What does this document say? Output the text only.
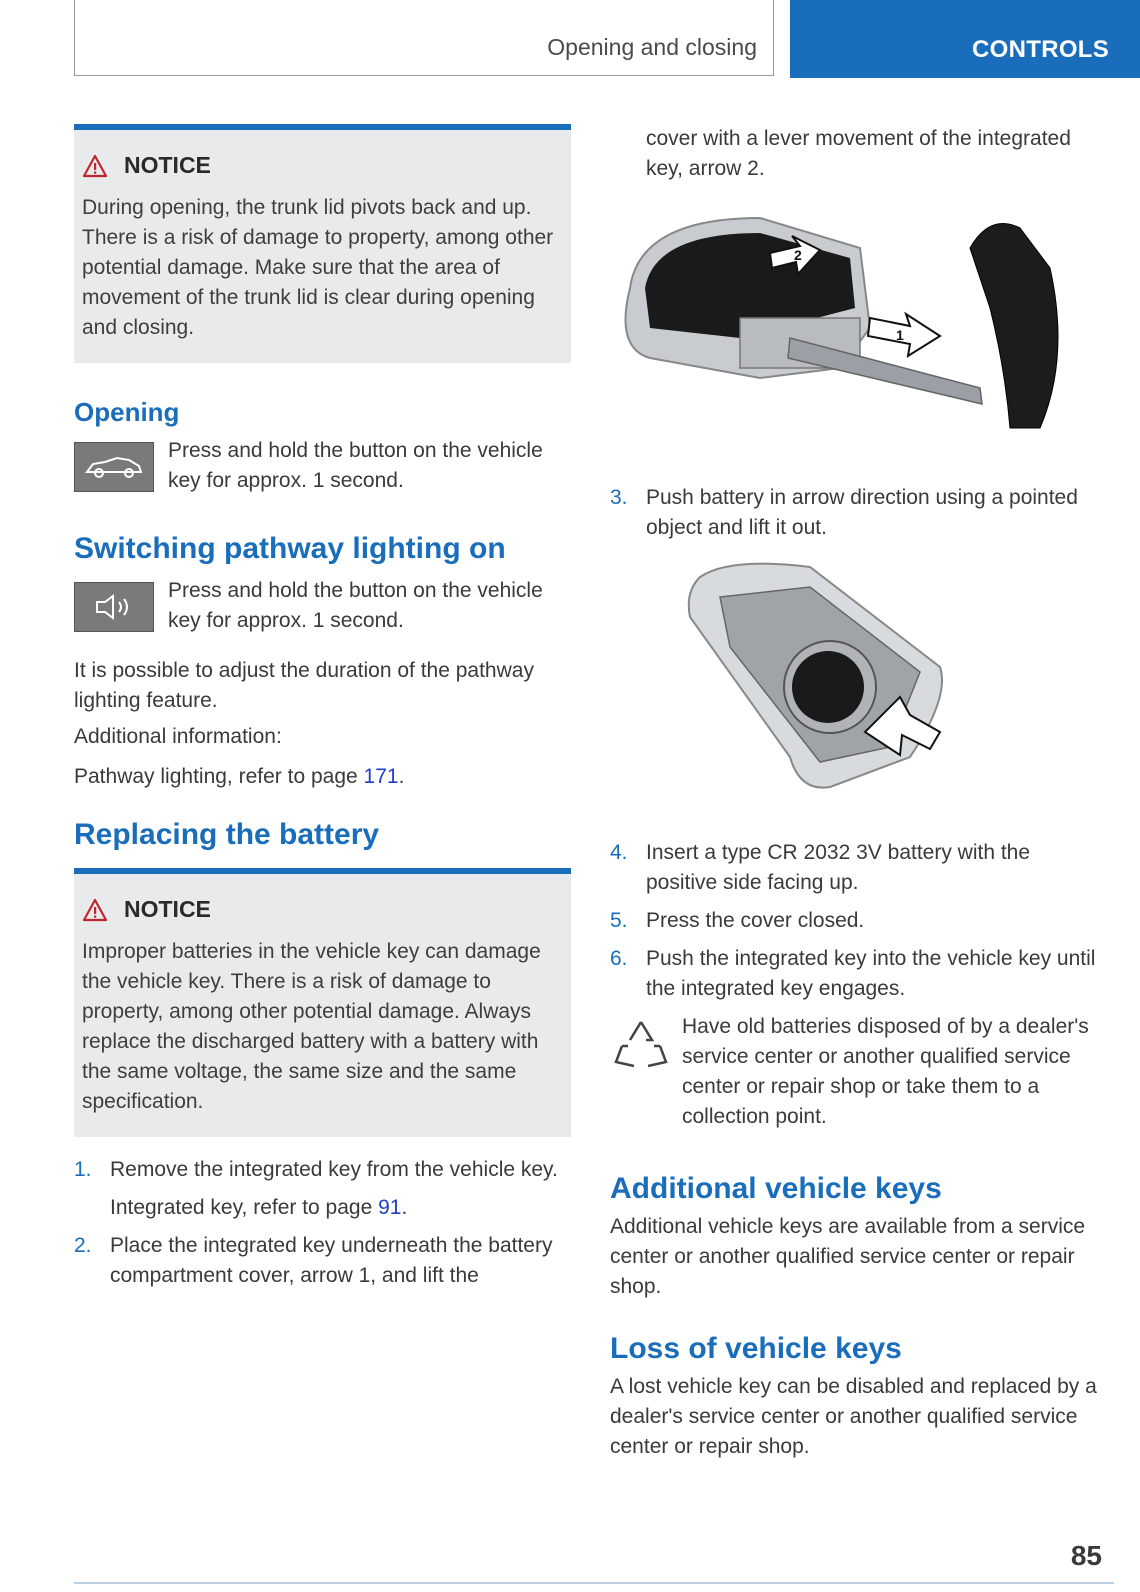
Opening and closing	CONTROLS
NOTICE

During opening, the trunk lid pivots back and up. There is a risk of damage to property, among other potential damage. Make sure that the area of movement of the trunk lid is clear during opening and closing.

Opening

Press and hold the button on the vehicle key for approx. 1 second.

Switching pathway lighting on

Press and hold the button on the vehicle key for approx. 1 second.

It is possible to adjust the duration of the pathway lighting feature.

Additional information:

Pathway lighting, refer to page 171.

Replacing the battery
NOTICE

Improper batteries in the vehicle key can damage the vehicle key. There is a risk of damage to property, among other potential damage. Always replace the discharged battery with a battery with the same voltage, the same size and the same specification.

1. Remove the integrated key from the vehicle key.
Integrated key, refer to page 91.
2. Place the integrated key underneath the battery compartment cover, arrow 1, and lift the

cover with a lever movement of the integrated key, arrow 2.

2
1
3. Push battery in arrow direction using a pointed object and lift it out.
4. Insert a type CR 2032 3V battery with the positive side facing up.
5. Press the cover closed.
6. Push the integrated key into the vehicle key until the integrated key engages.

Have old batteries disposed of by a dealer's service center or another qualified service center or repair shop or take them to a collection point.

Additional vehicle keys

Additional vehicle keys are available from a service center or another qualified service center or repair shop.

Loss of vehicle keys

A lost vehicle key can be disabled and replaced by a dealer's service center or another qualified service center or repair shop.

85
